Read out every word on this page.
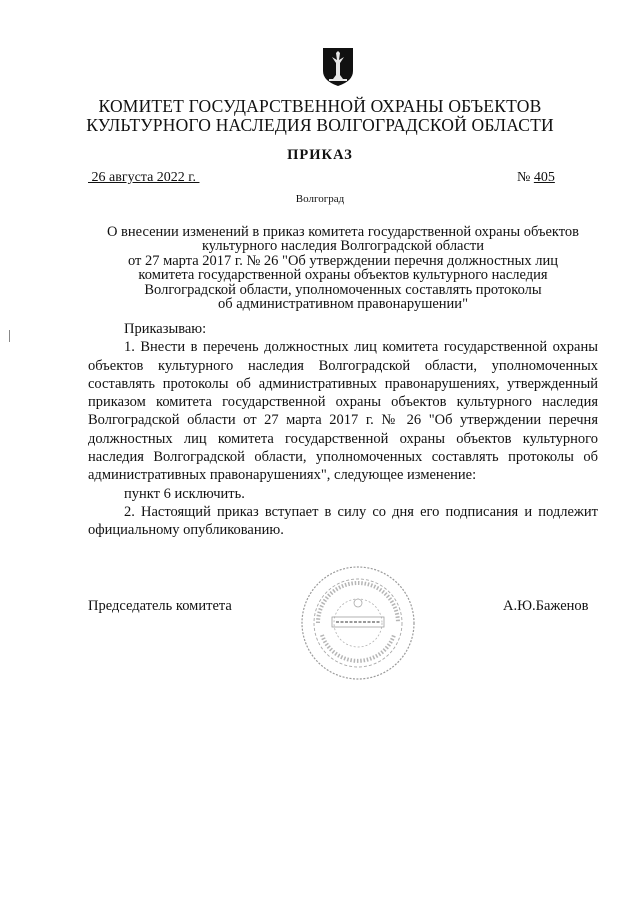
КОМИТЕТ ГОСУДАРСТВЕННОЙ ОХРАНЫ ОБЪЕКТОВ
КУЛЬТУРНОГО НАСЛЕДИЯ ВОЛГОГРАДСКОЙ ОБЛАСТИ
ПРИКАЗ
26 августа 2022 г.	№ 405
Волгоград
О внесении изменений в приказ комитета государственной охраны объектов
культурного наследия Волгоградской области
от 27 марта 2017 г. № 26 "Об утверждении перечня должностных лиц
комитета государственной охраны объектов культурного наследия
Волгоградской области, уполномоченных составлять протоколы
об административном правонарушении"

Приказываю:

1. Внести в перечень должностных лиц комитета государственной охраны объектов культурного наследия Волгоградской области, уполномоченных составлять протоколы об административных правонарушениях, утвержденный приказом комитета государственной охраны объектов культурного наследия Волгоградской области от 27 марта 2017 г. № 26 "Об утверждении перечня должностных лиц комитета государственной охраны объектов культурного наследия Волгоградской области, уполномоченных составлять протоколы об административных правонарушениях", следующее изменение:

пункт 6 исключить.

2. Настоящий приказ вступает в силу со дня его подписания и подлежит официальному опубликованию.

Председатель комитета	А.Ю.Баженов
